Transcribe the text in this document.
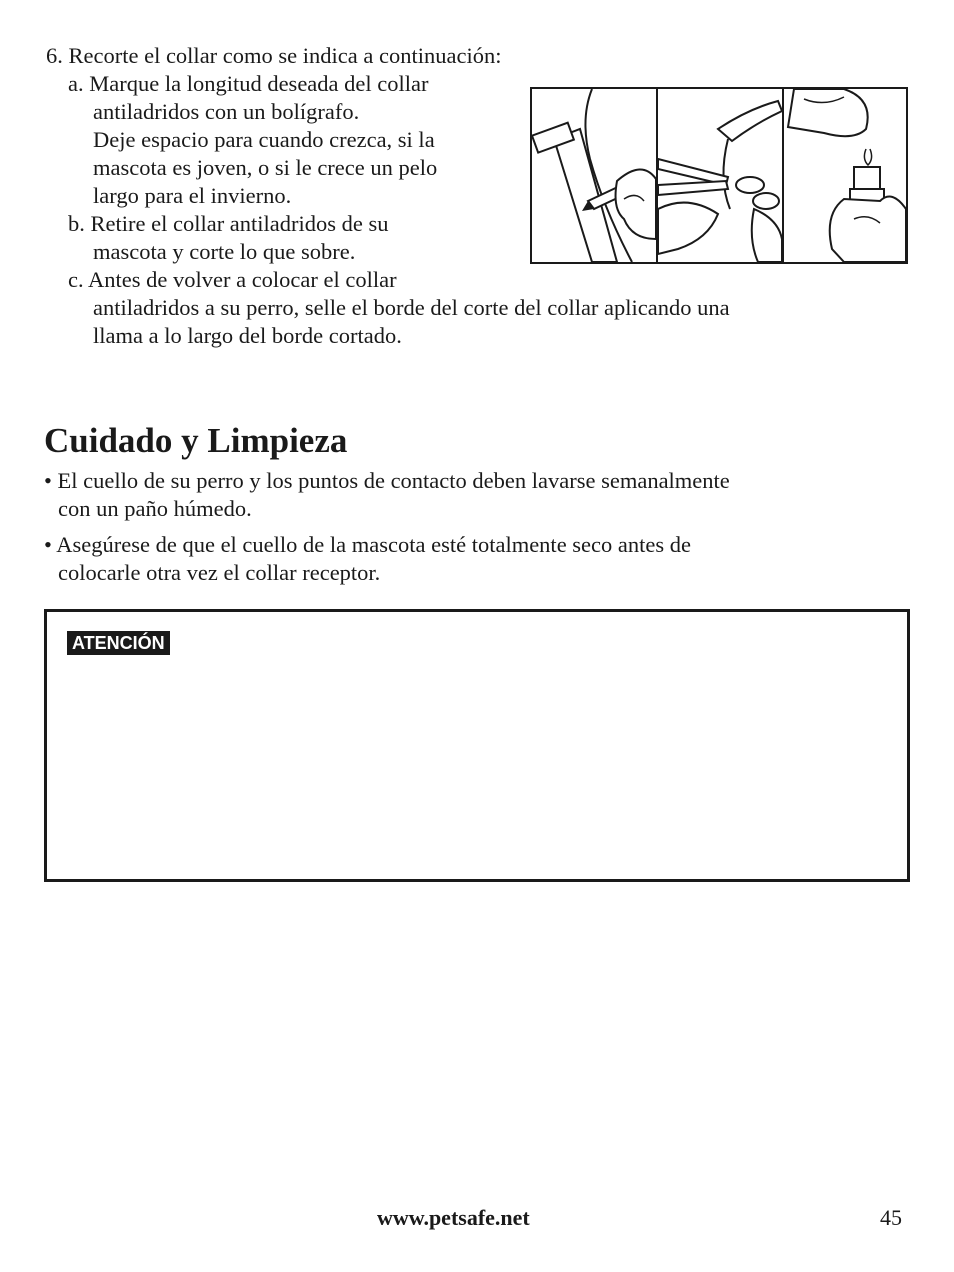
6. Recorte el collar como se indica a continuación:
a. Marque la longitud deseada del collar
antiladridos con un bolígrafo.
Deje espacio para cuando crezca, si la
mascota es joven, o si le crece un pelo
largo para el invierno.
b. Retire el collar antiladridos de su
mascota y corte lo que sobre.
c. Antes de volver a colocar el collar
antiladridos a su perro, selle el borde del corte del collar aplicando una
llama a lo largo del borde cortado.
Cuidado y Limpieza
• El cuello de su perro y los puntos de contacto deben lavarse semanalmente
con un paño húmedo.
• Asegúrese de que el cuello de la mascota esté totalmente seco antes de
colocarle otra vez el collar receptor.
ATENCIÓN
www.petsafe.net	45
